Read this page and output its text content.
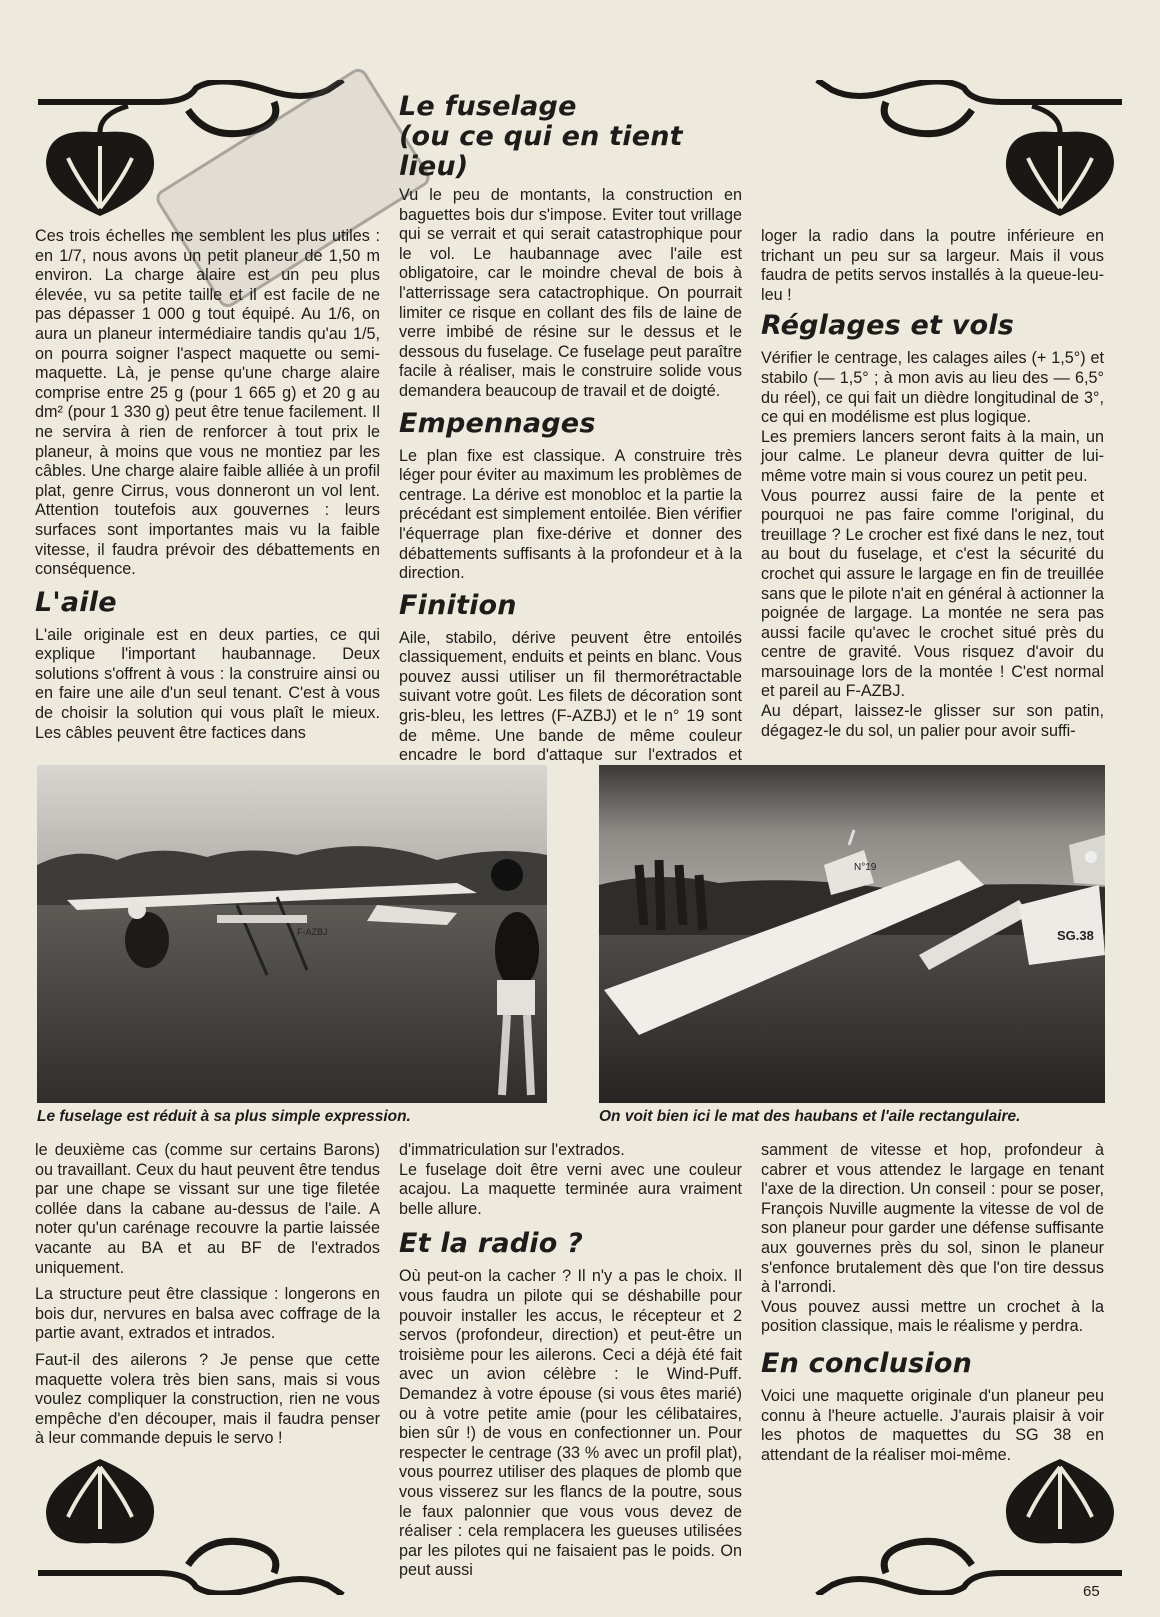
Ces trois échelles me semblent les plus utiles : en 1/7, nous avons un petit planeur de 1,50 m environ. La charge alaire est un peu plus élevée, vu sa petite taille et il est facile de ne pas dépasser 1 000 g tout équipé. Au 1/6, on aura un planeur intermédiaire tandis qu'au 1/5, on pourra soigner l'aspect maquette ou semi-maquette. Là, je pense qu'une charge alaire comprise entre 25 g (pour 1 665 g) et 20 g au dm² (pour 1 330 g) peut être tenue facilement. Il ne servira à rien de renforcer à tout prix le planeur, à moins que vous ne montiez par les câbles. Une charge alaire faible alliée à un profil plat, genre Cirrus, vous donneront un vol lent. Attention toutefois aux gouvernes : leurs surfaces sont importantes mais vu la faible vitesse, il faudra prévoir des débattements en conséquence.

L'aile

L'aile originale est en deux parties, ce qui explique l'important haubannage. Deux solutions s'offrent à vous : la construire ainsi ou en faire une aile d'un seul tenant. C'est à vous de choisir la solution qui vous plaît le mieux. Les câbles peuvent être factices dans

Le fuselage
(ou ce qui en tient lieu)

Vu le peu de montants, la construction en baguettes bois dur s'impose. Eviter tout vrillage qui se verrait et qui serait catastrophique pour le vol. Le haubannage avec l'aile est obligatoire, car le moindre cheval de bois à l'atterrissage sera catactrophique. On pourrait limiter ce risque en collant des fils de laine de verre imbibé de résine sur le dessus et le dessous du fuselage. Ce fuselage peut paraître facile à réaliser, mais le construire solide vous demandera beaucoup de travail et de doigté.

Empennages

Le plan fixe est classique. A construire très léger pour éviter au maximum les problèmes de centrage. La dérive est monobloc et la partie la précédant est simplement entoilée. Bien vérifier l'équerrage plan fixe-dérive et donner des débattements suffisants à la profondeur et à la direction.

Finition

Aile, stabilo, dérive peuvent être entoilés classiquement, enduits et peints en blanc. Vous pouvez aussi utiliser un fil thermorétractable suivant votre goût. Les filets de décoration sont gris-bleu, les lettres (F-AZBJ) et le n° 19 sont de même. Une bande de même couleur encadre le bord d'attaque sur l'extrados et

loger la radio dans la poutre inférieure en trichant un peu sur sa largeur. Mais il vous faudra de petits servos installés à la queue-leu-leu !

Réglages et vols

Vérifier le centrage, les calages ailes (+ 1,5°) et stabilo (— 1,5° ; à mon avis au lieu des — 6,5° du réel), ce qui fait un dièdre longitudinal de 3°, ce qui en modélisme est plus logique.

Les premiers lancers seront faits à la main, un jour calme. Le planeur devra quitter de lui-même votre main si vous courez un petit peu.

Vous pourrez aussi faire de la pente et pourquoi ne pas faire comme l'original, du treuillage ? Le crocher est fixé dans le nez, tout au bout du fuselage, et c'est la sécurité du crochet qui assure le largage en fin de treuillée sans que le pilote n'ait en général à actionner la poignée de largage. La montée ne sera pas aussi facile qu'avec le crochet situé près du centre de gravité. Vous risquez d'avoir du marsouinage lors de la montée ! C'est normal et pareil au F-AZBJ.

Au départ, laissez-le glisser sur son patin, dégagez-le du sol, un palier pour avoir suffi-

F-AZBJ
N°19
SG.38
Le fuselage est réduit à sa plus simple expression.	On voit bien ici le mat des haubans et l'aile rectangulaire.

le deuxième cas (comme sur certains Barons) ou travaillant. Ceux du haut peuvent être tendus par une chape se vissant sur une tige filetée collée dans la cabane au-dessus de l'aile. A noter qu'un carénage recouvre la partie laissée vacante au BA et au BF de l'extrados uniquement.

La structure peut être classique : longerons en bois dur, nervures en balsa avec coffrage de la partie avant, extrados et intrados.

Faut-il des ailerons ? Je pense que cette maquette volera très bien sans, mais si vous voulez compliquer la construction, rien ne vous empêche d'en découper, mais il faudra penser à leur commande depuis le servo !

d'immatriculation sur l'extrados.

Le fuselage doit être verni avec une couleur acajou. La maquette terminée aura vraiment belle allure.

Et la radio ?

Où peut-on la cacher ? Il n'y a pas le choix. Il vous faudra un pilote qui se déshabille pour pouvoir installer les accus, le récepteur et 2 servos (profondeur, direction) et peut-être un troisième pour les ailerons. Ceci a déjà été fait avec un avion célèbre : le Wind-Puff. Demandez à votre épouse (si vous êtes marié) ou à votre petite amie (pour les célibataires, bien sûr !) de vous en confectionner un. Pour respecter le centrage (33 % avec un profil plat), vous pourrez utiliser des plaques de plomb que vous visserez sur les flancs de la poutre, sous le faux palonnier que vous vous devez de réaliser : cela remplacera les gueuses utilisées par les pilotes qui ne faisaient pas le poids. On peut aussi

samment de vitesse et hop, profondeur à cabrer et vous attendez le largage en tenant l'axe de la direction. Un conseil : pour se poser, François Nuville augmente la vitesse de vol de son planeur pour garder une défense suffisante aux gouvernes près du sol, sinon le planeur s'enfonce brutalement dès que l'on tire dessus à l'arrondi.

Vous pouvez aussi mettre un crochet à la position classique, mais le réalisme y perdra.

En conclusion

Voici une maquette originale d'un planeur peu connu à l'heure actuelle. J'aurais plaisir à voir les photos de maquettes du SG 38 en attendant de la réaliser moi-même.

65
